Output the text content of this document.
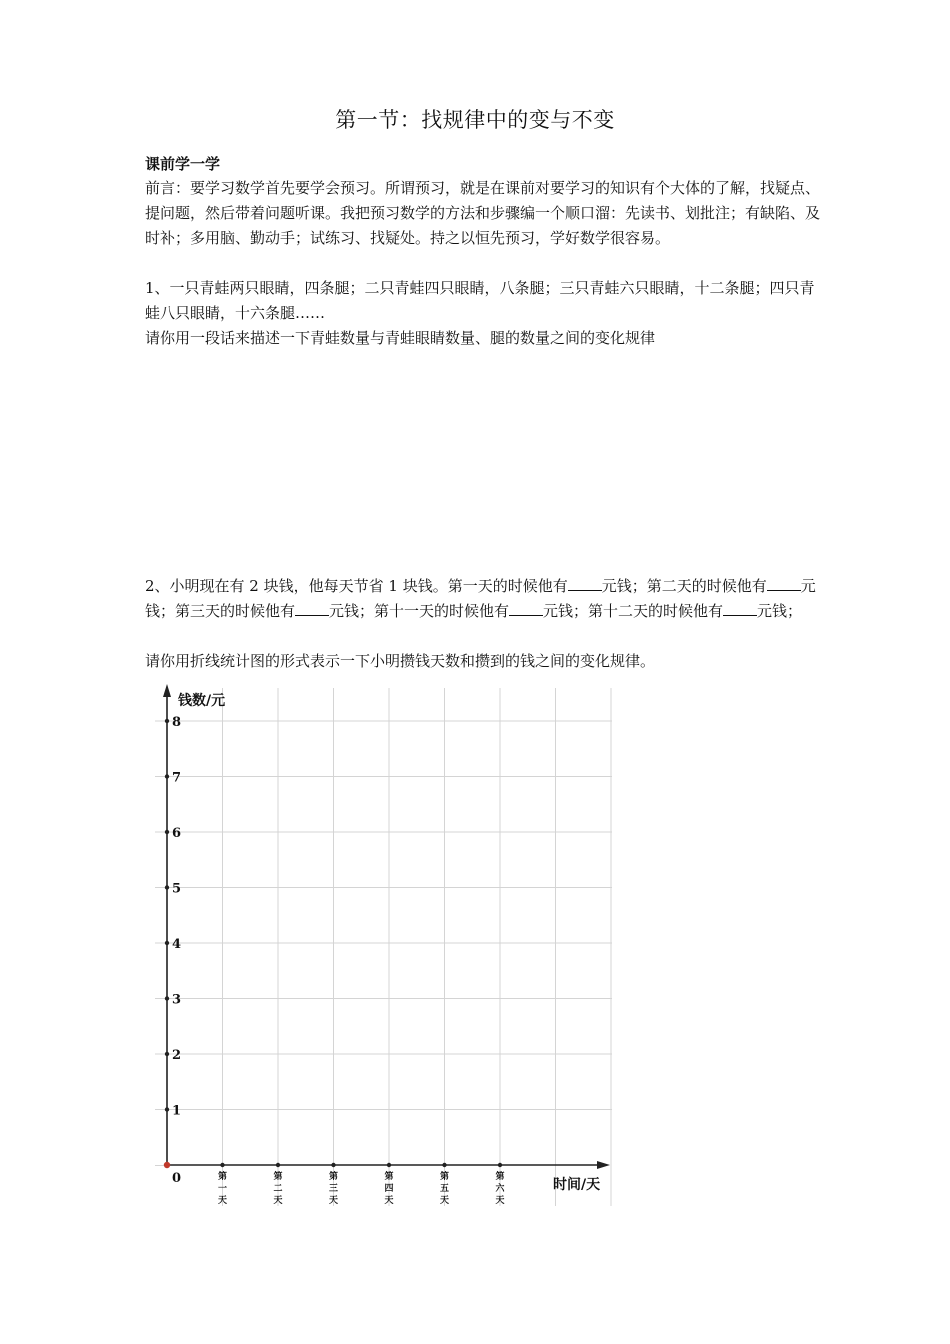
第一节：找规律中的变与不变
课前学一学
前言：要学习数学首先要学会预习。所谓预习，就是在课前对要学习的知识有个大体的了解，找疑点、提问题，然后带着问题听课。我把预习数学的方法和步骤编一个顺口溜：先读书、划批注；有缺陷、及时补；多用脑、勤动手；试练习、找疑处。持之以恒先预习，学好数学很容易。
1、一只青蛙两只眼睛，四条腿；二只青蛙四只眼睛，八条腿；三只青蛙六只眼睛，十二条腿；四只青蛙八只眼睛，十六条腿……
请你用一段话来描述一下青蛙数量与青蛙眼睛数量、腿的数量之间的变化规律
2、小明现在有 2 块钱，他每天节省 1 块钱。第一天的时候他有 元钱；第二天的时候他有 元钱；第三天的时候他有 元钱；第十一天的时候他有 元钱；第十二天的时候他有 元钱；
请你用折线统计图的形式表示一下小明攒钱天数和攒到的钱之间的变化规律。
钱数/元
时间/天
0
1
2
3
4
5
6
7
8
第一天
第二天
第三天
第四天
第五天
第六天
